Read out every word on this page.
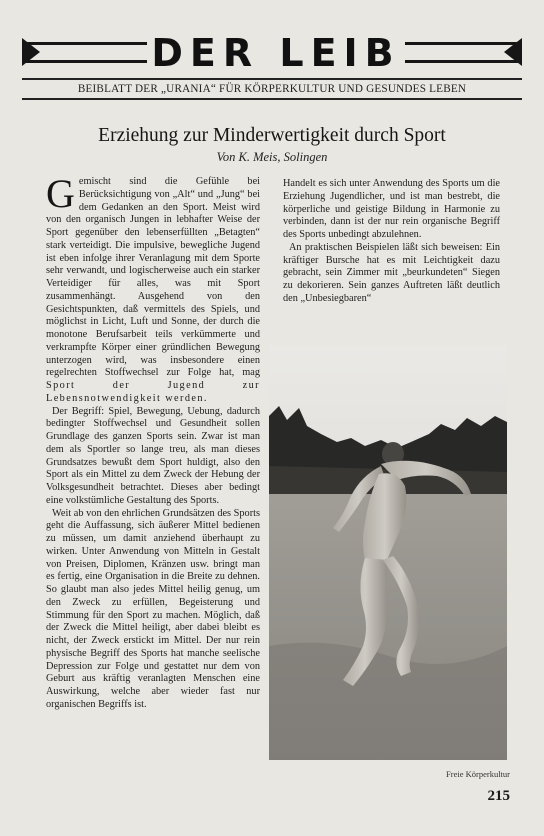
DER LEIB
BEIBLATT DER „URANIA“ FÜR KÖRPERKULTUR UND GESUNDES LEBEN
Erziehung zur Minderwertigkeit durch Sport
Von K. Meis, Solingen

Gemischt sind die Gefühle bei Berücksichtigung von „Alt“ und „Jung“ bei dem Gedanken an den Sport. Meist wird von den organisch Jungen in lebhafter Weise der Sport gegenüber den lebenserfüllten „Betagten“ stark verteidigt. Die impulsive, bewegliche Jugend ist eben infolge ihrer Veranlagung mit dem Sporte sehr verwandt, und logischerweise auch ein starker Verteidiger für alles, was mit Sport zusammenhängt. Ausgehend von den Gesichtspunkten, daß vermittels des Spiels, und möglichst in Licht, Luft und Sonne, der durch die monotone Berufsarbeit teils verkümmerte und verkrampfte Körper einer gründlichen Bewegung unterzogen wird, was insbesondere einen regelrechten Stoffwechsel zur Folge hat, mag Sport der Jugend zur Lebensnotwendigkeit werden.

Der Begriff: Spiel, Bewegung, Uebung, dadurch bedingter Stoffwechsel und Gesundheit sollen Grundlage des ganzen Sports sein. Zwar ist man dem als Sportler so lange treu, als man dieses Grundsatzes bewußt dem Sport huldigt, also den Sport als ein Mittel zu dem Zweck der Hebung der Volksgesundheit betrachtet. Dieses aber bedingt eine volkstümliche Gestaltung des Sports.

Weit ab von den ehrlichen Grundsätzen des Sports geht die Auffassung, sich äußerer Mittel bedienen zu müssen, um damit anziehend überhaupt zu wirken. Unter Anwendung von Mitteln in Gestalt von Preisen, Diplomen, Kränzen usw. bringt man es fertig, eine Organisation in die Breite zu dehnen. So glaubt man also jedes Mittel heilig genug, um den Zweck zu erfüllen, Begeisterung und Stimmung für den Sport zu machen. Möglich, daß der Zweck die Mittel heiligt, aber dabei bleibt es nicht, der Zweck erstickt im Mittel. Der nur rein physische Begriff des Sports hat manche seelische Depression zur Folge und gestattet nur dem von Geburt aus kräftig veranlagten Menschen eine Auswirkung, welche aber wieder fast nur organischen Begriffs ist.

Handelt es sich unter Anwendung des Sports um die Erziehung Jugendlicher, und ist man bestrebt, die körperliche und geistige Bildung in Harmonie zu verbinden, dann ist der nur rein organische Begriff des Sports unbedingt abzulehnen.

An praktischen Beispielen läßt sich beweisen: Ein kräftiger Bursche hat es mit Leichtigkeit dazu gebracht, sein Zimmer mit „beurkundeten“ Siegen zu dekorieren. Sein ganzes Auftreten läßt deutlich den „Unbesiegbaren“

Freie Körperkultur
215
